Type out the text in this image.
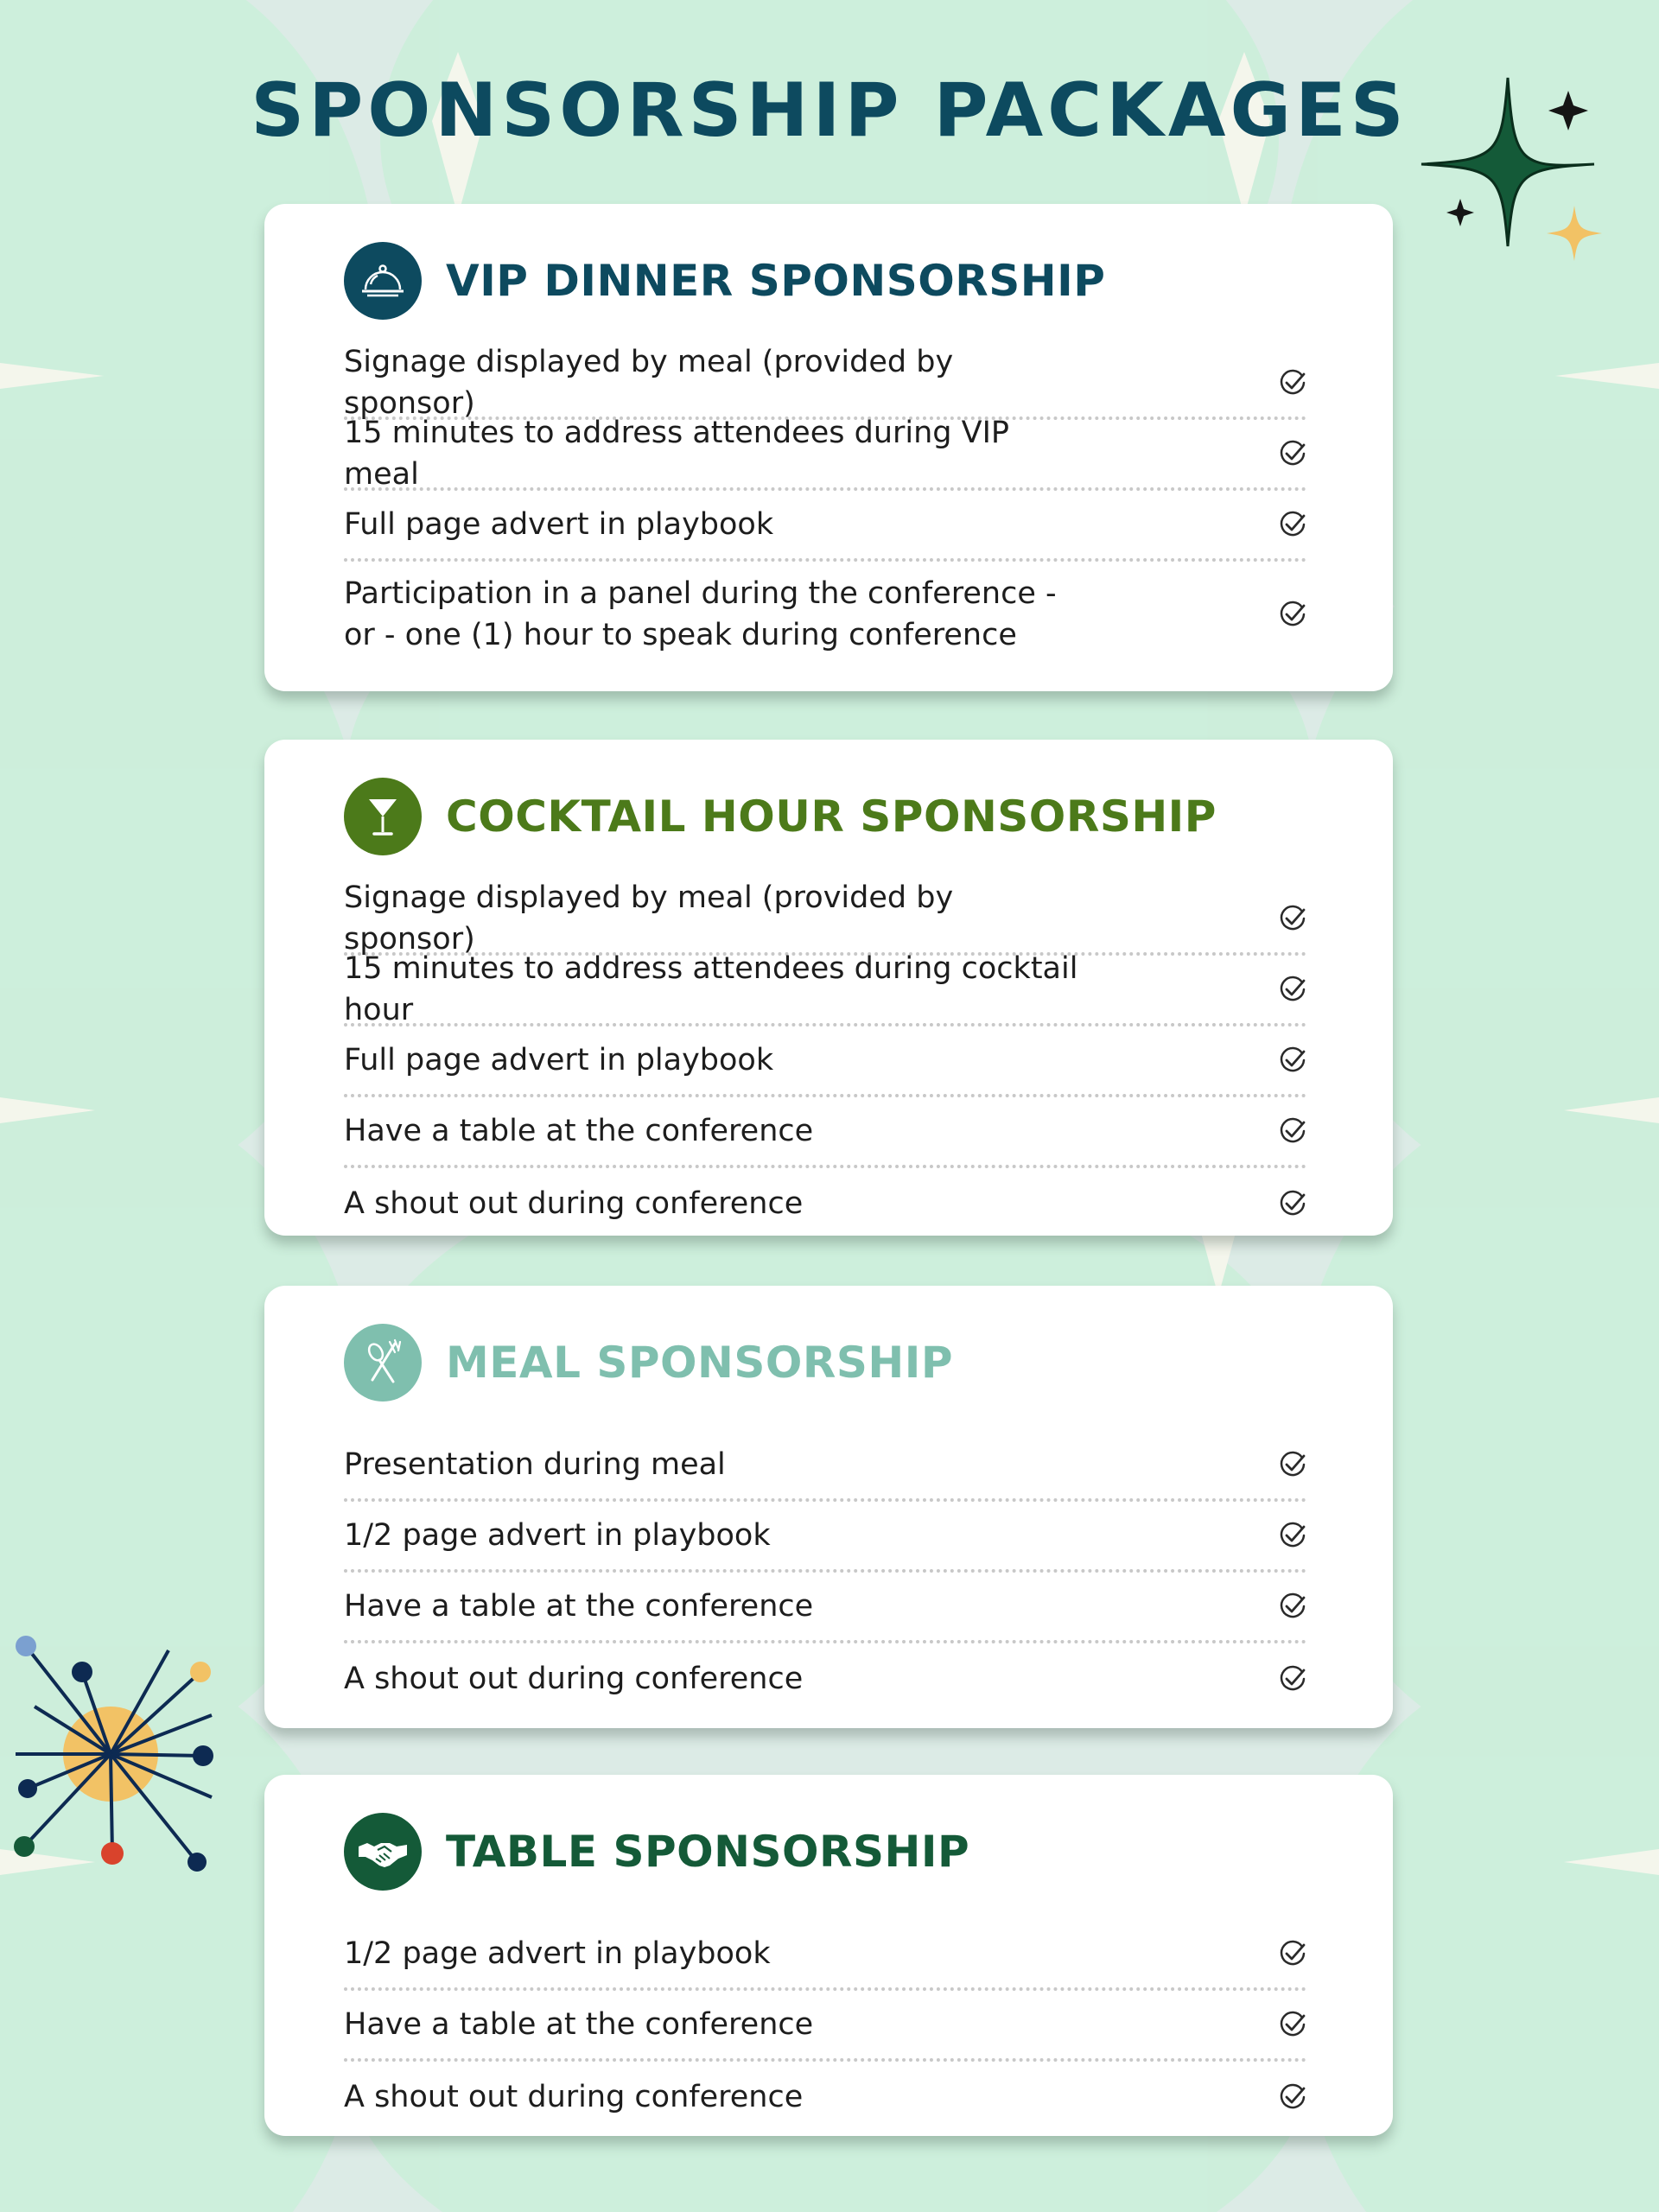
SPONSORSHIP PACKAGES
VIP DINNER SPONSORSHIP
Signage displayed by meal (provided by sponsor)
15 minutes to address attendees during VIP meal
Full page advert in playbook
Participation in a panel during the conference - or - one (1) hour to speak during conference
COCKTAIL HOUR SPONSORSHIP
Signage displayed by meal (provided by sponsor)
15 minutes to address attendees during cocktail hour
Full page advert in playbook
Have a table at the conference
A shout out during conference
MEAL SPONSORSHIP
Presentation during meal
1/2 page advert in playbook
Have a table at the conference
A shout out during conference
TABLE SPONSORSHIP
1/2 page advert in playbook
Have a table at the conference
A shout out during conference
